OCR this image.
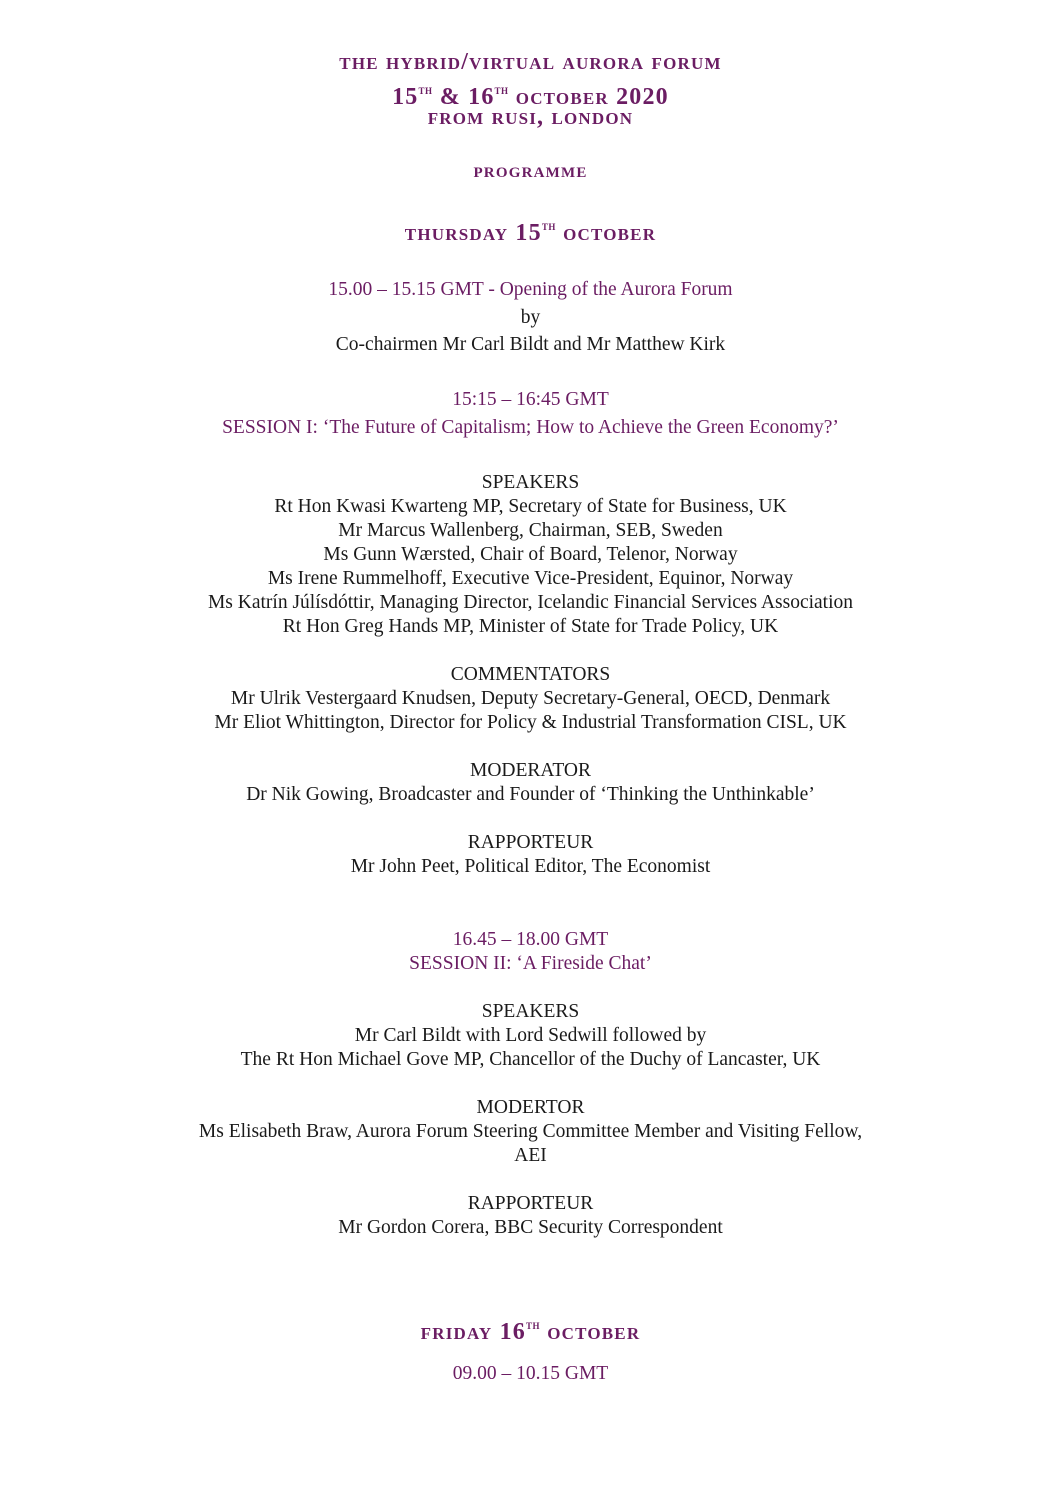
the hybrid/virtual aurora forum
15th & 16th october 2020
from rusi, london
programme
thursday 15th october
15.00 – 15.15 GMT - Opening of the Aurora Forum
by
Co-chairmen Mr Carl Bildt and Mr Matthew Kirk
15:15 – 16:45 GMT
SESSION I: ‘The Future of Capitalism; How to Achieve the Green Economy?’
SPEAKERS
Rt Hon Kwasi Kwarteng MP, Secretary of State for Business, UK
Mr Marcus Wallenberg, Chairman, SEB, Sweden
Ms Gunn Wærsted, Chair of Board, Telenor, Norway
Ms Irene Rummelhoff, Executive Vice-President, Equinor, Norway
Ms Katrín Júlísdóttir, Managing Director, Icelandic Financial Services Association
Rt Hon Greg Hands MP, Minister of State for Trade Policy, UK
COMMENTATORS
Mr Ulrik Vestergaard Knudsen, Deputy Secretary-General, OECD, Denmark
Mr Eliot Whittington, Director for Policy & Industrial Transformation CISL, UK
MODERATOR
Dr Nik Gowing, Broadcaster and Founder of ‘Thinking the Unthinkable’
RAPPORTEUR
Mr John Peet, Political Editor, The Economist
16.45 – 18.00 GMT
SESSION II: ‘A Fireside Chat’
SPEAKERS
Mr Carl Bildt with Lord Sedwill followed by
The Rt Hon Michael Gove MP, Chancellor of the Duchy of Lancaster, UK
MODERTOR
Ms Elisabeth Braw, Aurora Forum Steering Committee Member and Visiting Fellow,
AEI
RAPPORTEUR
Mr Gordon Corera, BBC Security Correspondent
friday 16th october
09.00 – 10.15 GMT
